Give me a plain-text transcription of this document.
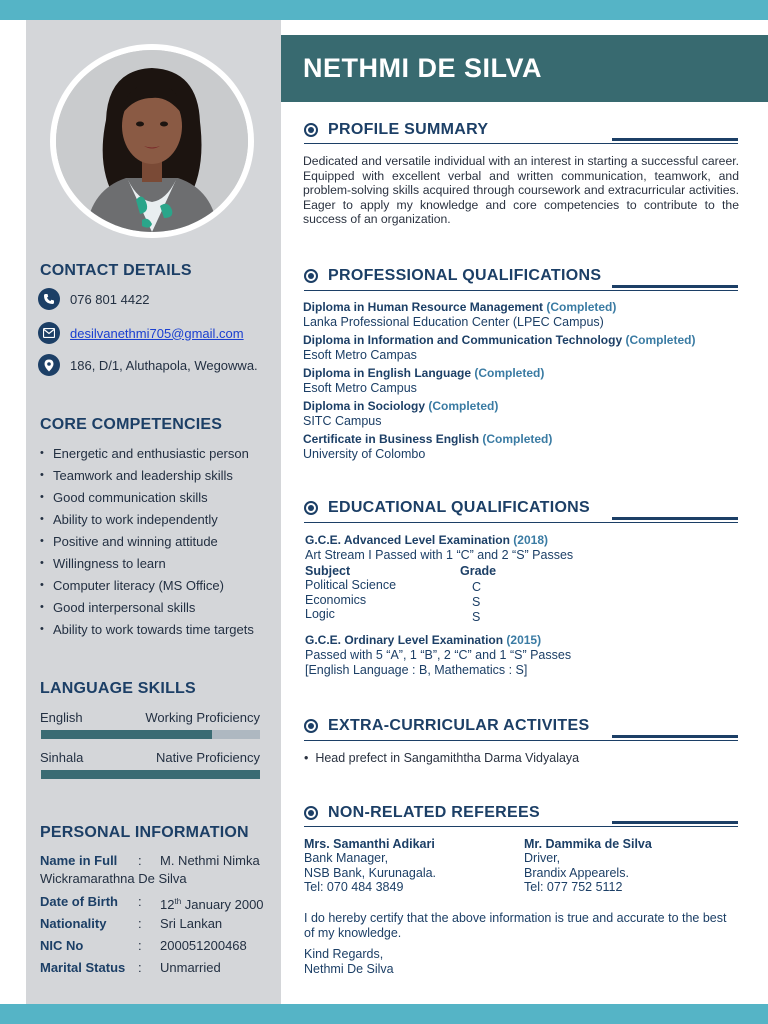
CONTACT DETAILS
076 801 4422
desilvanethmi705@gmail.com
186, D/1, Aluthapola, Wegowwa.
CORE COMPETENCIES
• Energetic and enthusiastic person
• Teamwork and leadership skills
• Good communication skills
• Ability to work independently
• Positive and winning attitude
• Willingness to learn
• Computer literacy (MS Office)
• Good interpersonal skills
• Ability to work towards time targets
LANGUAGE SKILLS
English	Working Proficiency
Sinhala	Native Proficiency
PERSONAL INFORMATION
Name in Full : M. Nethmi Nimka
Wickramarathna De Silva
Date of Birth : 12th January 2000
Nationality : Sri Lankan
NIC No	: 200051200468
Marital Status : Unmarried
NETHMI DE SILVA
PROFILE SUMMARY
Dedicated and versatile individual with an interest in starting a successful career. Equipped with excellent verbal and written communication, teamwork, and problem-solving skills acquired through coursework and extracurricular activities. Eager to apply my knowledge and core competencies to contribute to the success of an organization.
PROFESSIONAL QUALIFICATIONS
Diploma in Human Resource Management (Completed)
Lanka Professional Education Center (LPEC Campus)
Diploma in Information and Communication Technology (Completed)
Esoft Metro Campas
Diploma in English Language (Completed)
Esoft Metro Campus
Diploma in Sociology (Completed)
SITC Campus
Certificate in Business English (Completed)
University of Colombo
EDUCATIONAL QUALIFICATIONS
G.C.E. Advanced Level Examination (2018)
Art Stream I Passed with 1 “C” and 2 “S” Passes
Subject	Grade
Political Science	C
Economics	S
Logic	S
G.C.E. Ordinary Level Examination (2015)
Passed with 5 “A”, 1 “B”, 2 “C” and 1 “S” Passes
[English Language : B, Mathematics : S]
EXTRA-CURRICULAR ACTIVITES
•  Head prefect in Sangamiththa Darma Vidyalaya
NON-RELATED REFEREES
Mrs. Samanthi Adikari
Bank Manager,
NSB Bank, Kurunagala.
Tel: 070 484 3849
Mr. Dammika de Silva
Driver,
Brandix Appearels.
Tel: 077 752 5112
I do hereby certify that the above information is true and accurate to the best of my knowledge.
Kind Regards,
Nethmi De Silva
